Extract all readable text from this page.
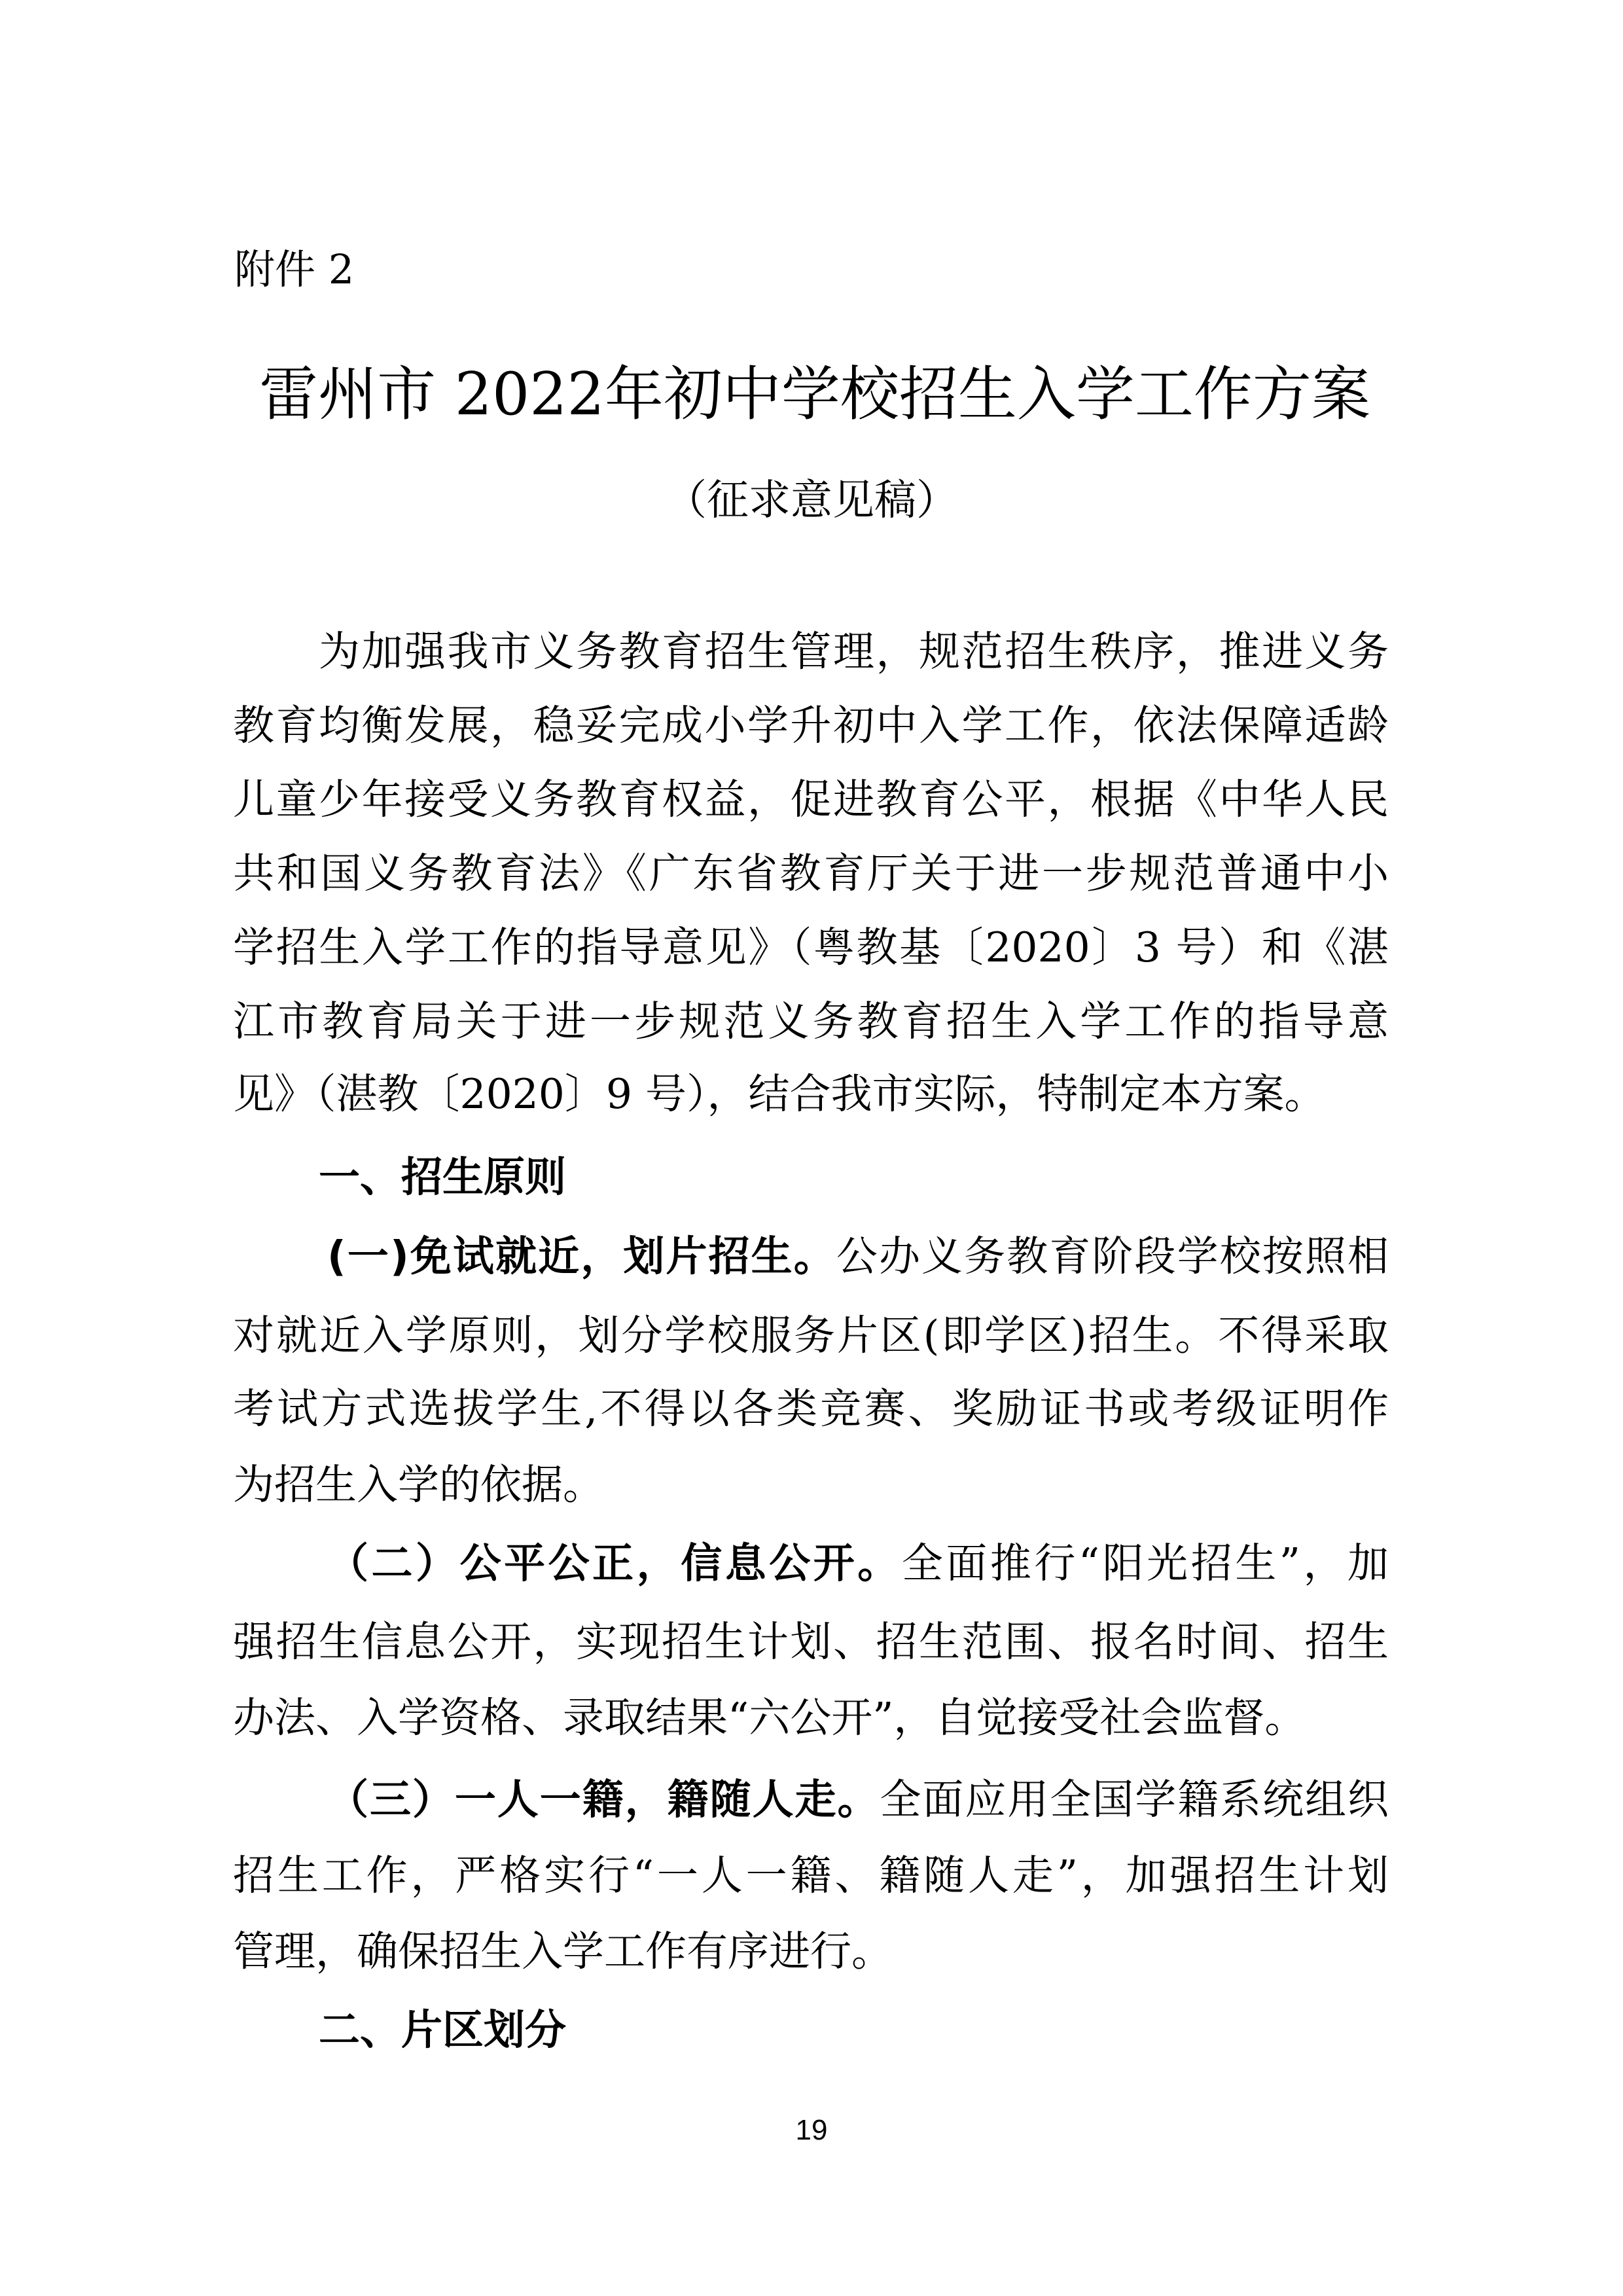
附件 2
雷州市 2022年初中学校招生入学工作方案
（征求意见稿）
为加强我市义务教育招生管理，规范招生秩序，推进义务
教育均衡发展，稳妥完成小学升初中入学工作，依法保障适龄
儿童少年接受义务教育权益，促进教育公平，根据《中华人民
共和国义务教育法》《广东省教育厅关于进一步规范普通中小
学招生入学工作的指导意见》（粤教基〔2020〕3 号）和《湛
江市教育局关于进一步规范义务教育招生入学工作的指导意
见》（湛教〔2020〕9 号），结合我市实际，特制定本方案。
一、招生原则
(一)免试就近，划片招生。公办义务教育阶段学校按照相
对就近入学原则，划分学校服务片区(即学区)招生。不得采取
考试方式选拔学生,不得以各类竞赛、奖励证书或考级证明作
为招生入学的依据。
（二）公平公正，信息公开。全面推行“阳光招生”，加
强招生信息公开，实现招生计划、招生范围、报名时间、招生
办法、入学资格、录取结果“六公开”，自觉接受社会监督。
（三）一人一籍，籍随人走。全面应用全国学籍系统组织
招生工作，严格实行“一人一籍、籍随人走”，加强招生计划
管理，确保招生入学工作有序进行。
二、片区划分
19
